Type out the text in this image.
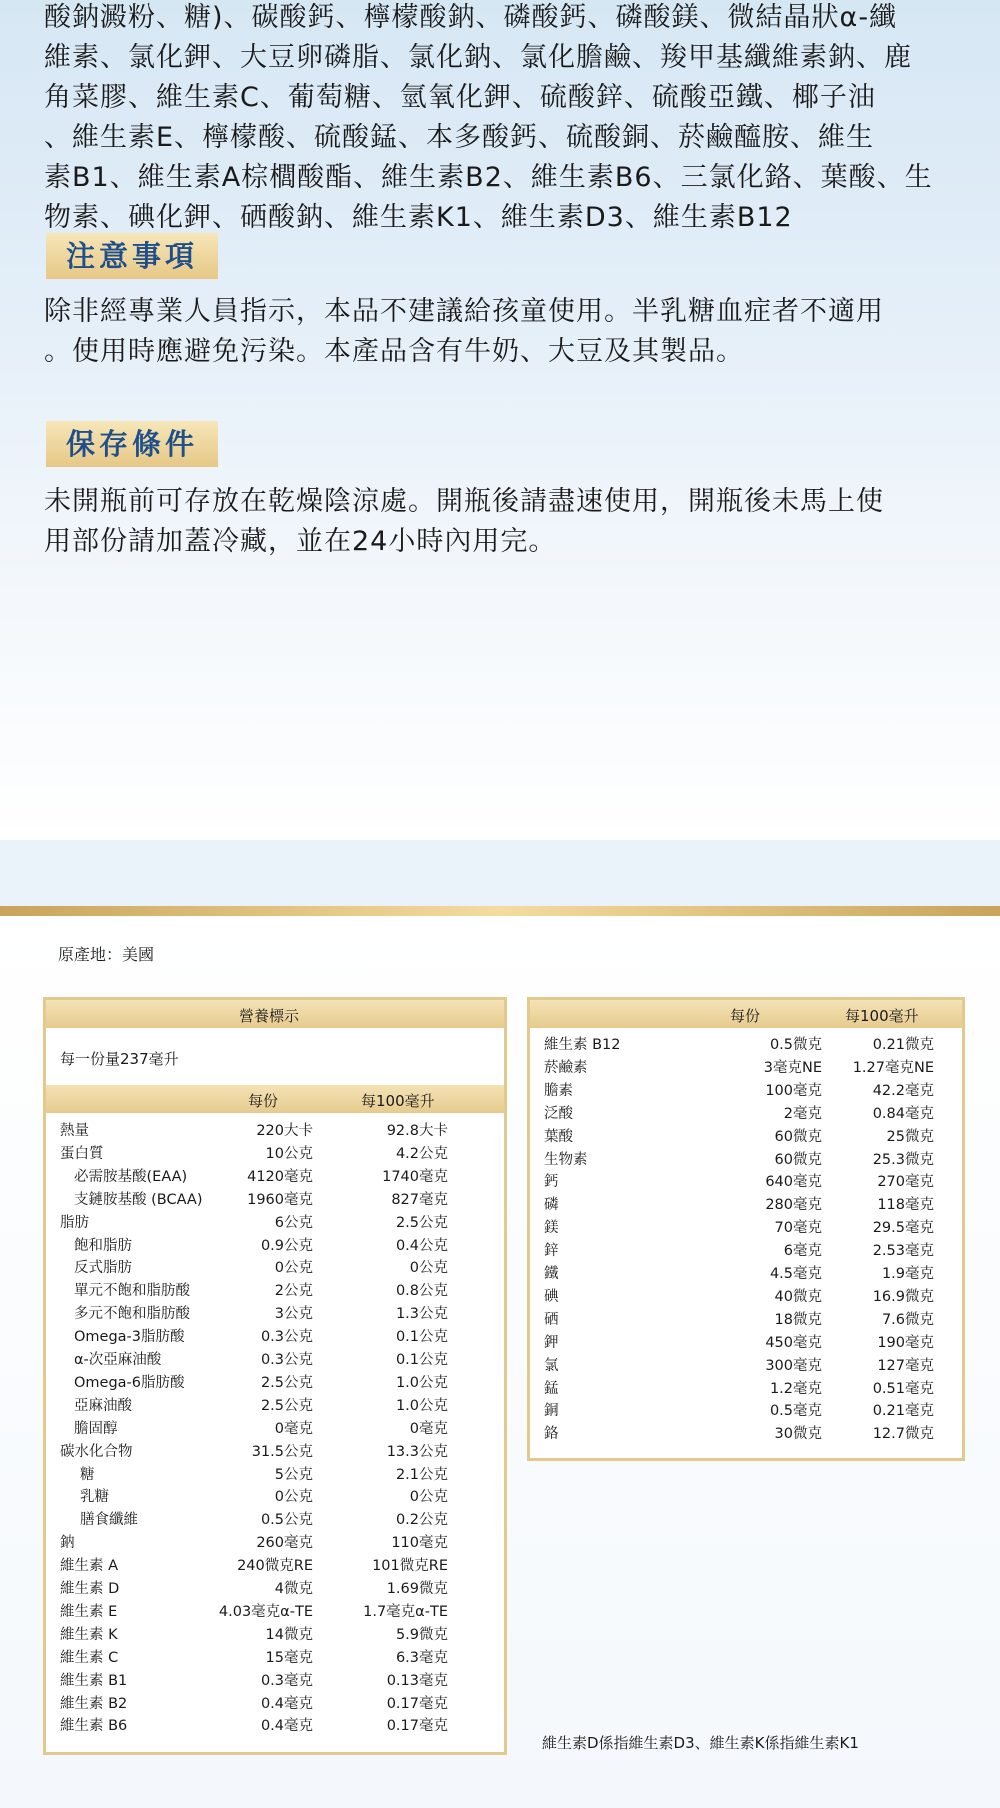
酸鈉澱粉、糖)、碳酸鈣、檸檬酸鈉、磷酸鈣、磷酸鎂、微結晶狀α-纖

維素、氯化鉀、大豆卵磷脂、氯化鈉、氯化膽鹼、羧甲基纖維素鈉、鹿

角菜膠、維生素C、葡萄糖、氫氧化鉀、硫酸鋅、硫酸亞鐵、椰子油

、維生素E、檸檬酸、硫酸錳、本多酸鈣、硫酸銅、菸鹼醯胺、維生

素B1、維生素A棕櫚酸酯、維生素B2、維生素B6、三氯化鉻、葉酸、生

物素、碘化鉀、硒酸鈉、維生素K1、維生素D3、維生素B12

注意事項

除非經專業人員指示，本品不建議給孩童使用。半乳糖血症者不適用

。使用時應避免污染。本產品含有牛奶、大豆及其製品。

保存條件

未開瓶前可存放在乾燥陰涼處。開瓶後請盡速使用，開瓶後未馬上使

用部份請加蓋冷藏，並在24小時內用完。

原產地：美國
營養標示
每一份量237毫升
每份	每100毫升
熱量	220大卡	92.8大卡
蛋白質	10公克	4.2公克
必需胺基酸(EAA)	4120毫克	1740毫克
支鏈胺基酸 (BCAA)	1960毫克	827毫克
脂肪	6公克	2.5公克
飽和脂肪	0.9公克	0.4公克
反式脂肪	0公克	0公克
單元不飽和脂肪酸	2公克	0.8公克
多元不飽和脂肪酸	3公克	1.3公克
Omega-3脂肪酸	0.3公克	0.1公克
α-次亞麻油酸	0.3公克	0.1公克
Omega-6脂肪酸	2.5公克	1.0公克
亞麻油酸	2.5公克	1.0公克
膽固醇	0毫克	0毫克
碳水化合物	31.5公克	13.3公克
糖	5公克	2.1公克
乳糖	0公克	0公克
膳食纖維	0.5公克	0.2公克
鈉	260毫克	110毫克
維生素 A	240微克RE	101微克RE
維生素 D	4微克	1.69微克
維生素 E	4.03毫克α-TE	1.7毫克α-TE
維生素 K	14微克	5.9微克
維生素 C	15毫克	6.3毫克
維生素 B1	0.3毫克	0.13毫克
維生素 B2	0.4毫克	0.17毫克
維生素 B6	0.4毫克	0.17毫克
每份	每100毫升
維生素 B12	0.5微克	0.21微克
菸鹼素	3毫克NE 1.27毫克NE
膽素	100毫克	42.2毫克
泛酸	2毫克	0.84毫克
葉酸	60微克	25微克
生物素	60微克	25.3微克
鈣	640毫克	270毫克
磷	280毫克	118毫克
鎂	70毫克	29.5毫克
鋅	6毫克	2.53毫克
鐵	4.5毫克	1.9毫克
碘	40微克	16.9微克
硒	18微克	7.6微克
鉀	450毫克	190毫克
氯	300毫克	127毫克
錳	1.2毫克	0.51毫克
銅	0.5毫克	0.21毫克
鉻	30微克	12.7微克
維生素D係指維生素D3、維生素K係指維生素K1
